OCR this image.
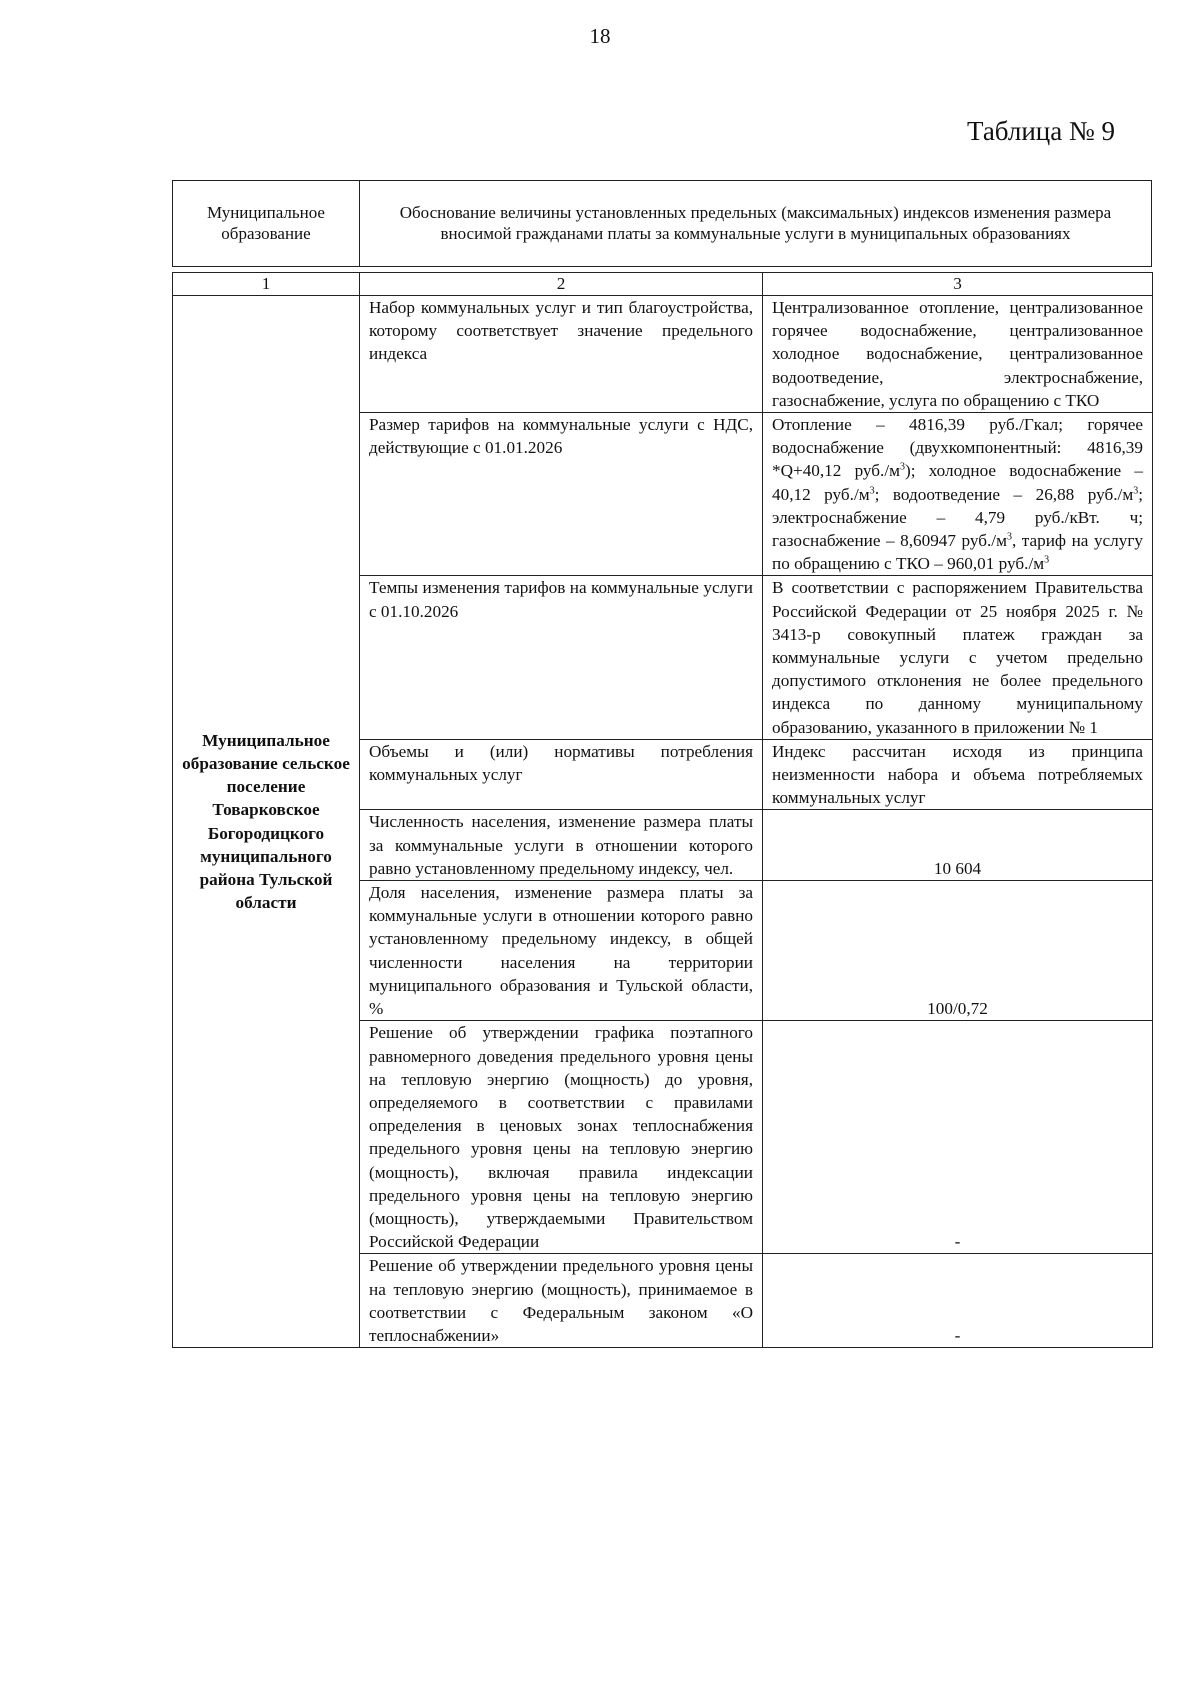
18
Таблица № 9
Муниципальное образование	Обоснование величины установленных предельных (максимальных) индексов изменения размера вносимой гражданами платы за коммунальные услуги в муниципальных образованиях
1	2	3
Муниципальное образование сельское поселение Товарковское Богородицкого муниципального района Тульской области	Набор коммунальных услуг и тип благоустройства, которому соответствует значение предельного индекса	Централизованное отопление, централизованное горячее водоснабжение, централизованное холодное водоснабжение, централизованное водоотведение, электроснабжение, газоснабжение, услуга по обращению с ТКО
	Размер тарифов на коммунальные услуги с НДС, действующие с 01.01.2026	Отопление – 4816,39 руб./Гкал; горячее водоснабжение (двухкомпонентный: 4816,39 *Q+40,12 $руб./м^3$); холодное водоснабжение – 40,12 $руб./м^3$; водоотведение – 26,88 $руб./м^3$; электроснабжение – 4,79 руб./кВт. ч; газоснабжение – 8,60947 $руб./м^3$, тариф на услугу по обращению с ТКО – 960,01 $руб./м^3$
	Темпы изменения тарифов на коммунальные услуги с 01.10.2026	В соответствии с распоряжением Правительства Российской Федерации от 25 ноября 2025 г. № 3413-р совокупный платеж граждан за коммунальные услуги с учетом предельно допустимого отклонения не более предельного индекса по данному муниципальному образованию, указанного в приложении № 1
	Объемы и (или) нормативы потребления коммунальных услуг	Индекс рассчитан исходя из принципа неизменности набора и объема потребляемых коммунальных услуг
	Численность населения, изменение размера платы за коммунальные услуги в отношении которого равно установленному предельному индексу, чел.	10 604
	Доля населения, изменение размера платы за коммунальные услуги в отношении которого равно установленному предельному индексу, в общей численности населения на территории муниципального образования и Тульской области, %	100/0,72
	Решение об утверждении графика поэтапного равномерного доведения предельного уровня цены на тепловую энергию (мощность) до уровня, определяемого в соответствии с правилами определения в ценовых зонах теплоснабжения предельного уровня цены на тепловую энергию (мощность), включая правила индексации предельного уровня цены на тепловую энергию (мощность), утверждаемыми Правительством Российской Федерации	-
	Решение об утверждении предельного уровня цены на тепловую энергию (мощность), принимаемое в соответствии с Федеральным законом «О теплоснабжении»	-
